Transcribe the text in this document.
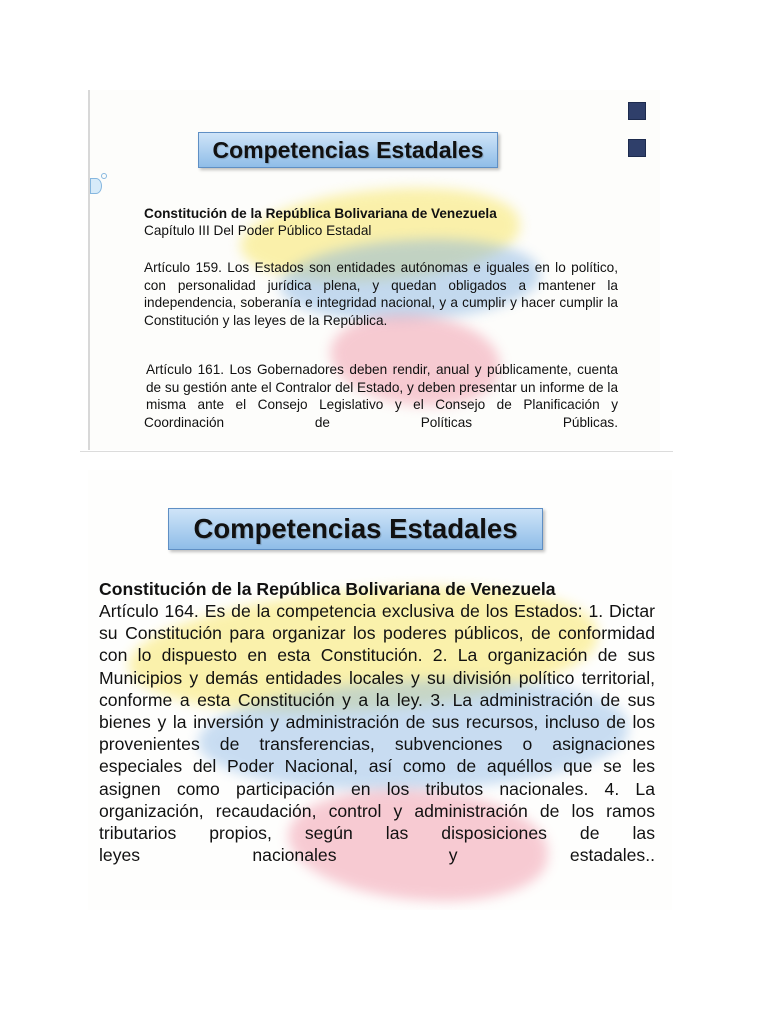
Competencias Estadales
Constitución de la República Bolivariana de Venezuela
Capítulo III Del Poder Público Estadal
Artículo 159. Los Estados son entidades autónomas e iguales en lo político, con personalidad jurídica plena, y quedan obligados a mantener la independencia, soberanía e integridad nacional, y a cumplir y hacer cumplir la
Constitución y las leyes de la República.
Artículo 161. Los Gobernadores deben rendir, anual y públicamente, cuenta de su gestión ante el Contralor del Estado, y deben presentar un informe de la misma ante el Consejo Legislativo y el Consejo de Planificación y
Coordinación de Políticas Públicas.
Competencias Estadales
Constitución de la República Bolivariana de Venezuela
Artículo 164. Es de la competencia exclusiva de los Estados: 1. Dictar su Constitución para organizar los poderes públicos, de conformidad con lo dispuesto en esta Constitución. 2. La organización de sus Municipios y demás entidades locales y su división político territorial, conforme a esta Constitución y a la ley. 3. La administración de sus bienes y la inversión y administración de sus recursos, incluso de los provenientes de transferencias, subvenciones o asignaciones especiales del Poder Nacional, así como de aquéllos que se les asignen como participación en los tributos nacionales. 4. La organización, recaudación, control y administración de los ramos tributarios propios, según las disposiciones de las
leyes nacionales y estadales..
